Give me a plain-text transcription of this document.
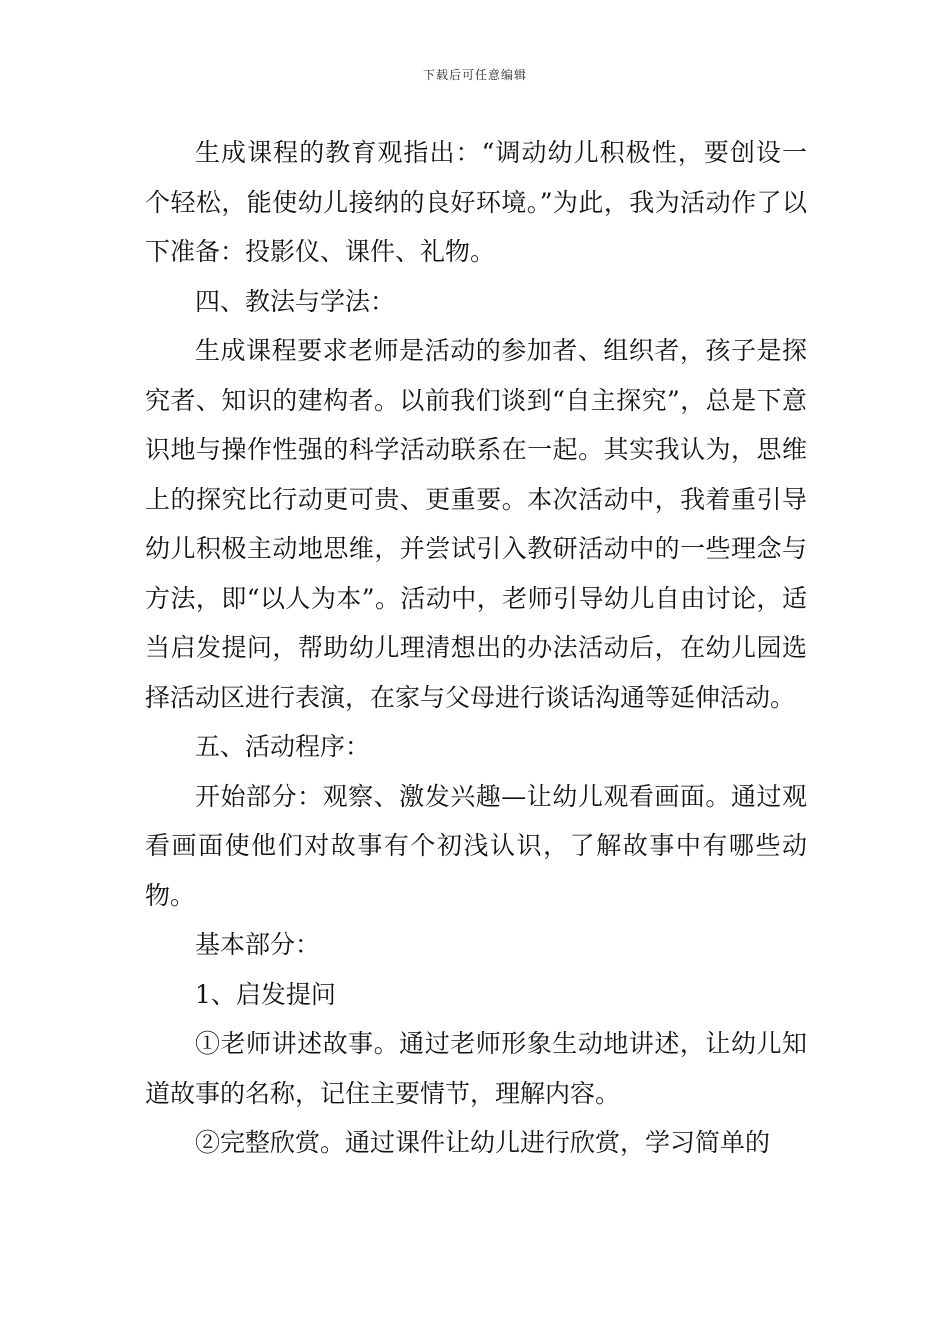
下载后可任意编辑

生成课程的教育观指出：“调动幼儿积极性，要创设一个轻松，能使幼儿接纳的良好环境。”为此，我为活动作了以下准备：投影仪、课件、礼物。

四、教法与学法：

生成课程要求老师是活动的参加者、组织者，孩子是探究者、知识的建构者。以前我们谈到“自主探究”，总是下意识地与操作性强的科学活动联系在一起。其实我认为，思维上的探究比行动更可贵、更重要。本次活动中，我着重引导幼儿积极主动地思维，并尝试引入教研活动中的一些理念与方法，即“以人为本”。活动中，老师引导幼儿自由讨论，适当启发提问，帮助幼儿理清想出的办法活动后，在幼儿园选择活动区进行表演，在家与父母进行谈话沟通等延伸活动。

五、活动程序：

开始部分：观察、激发兴趣—让幼儿观看画面。通过观看画面使他们对故事有个初浅认识，了解故事中有哪些动物。

基本部分：

1、启发提问

①老师讲述故事。通过老师形象生动地讲述，让幼儿知道故事的名称，记住主要情节，理解内容。

②完整欣赏。通过课件让幼儿进行欣赏，学习简单的
